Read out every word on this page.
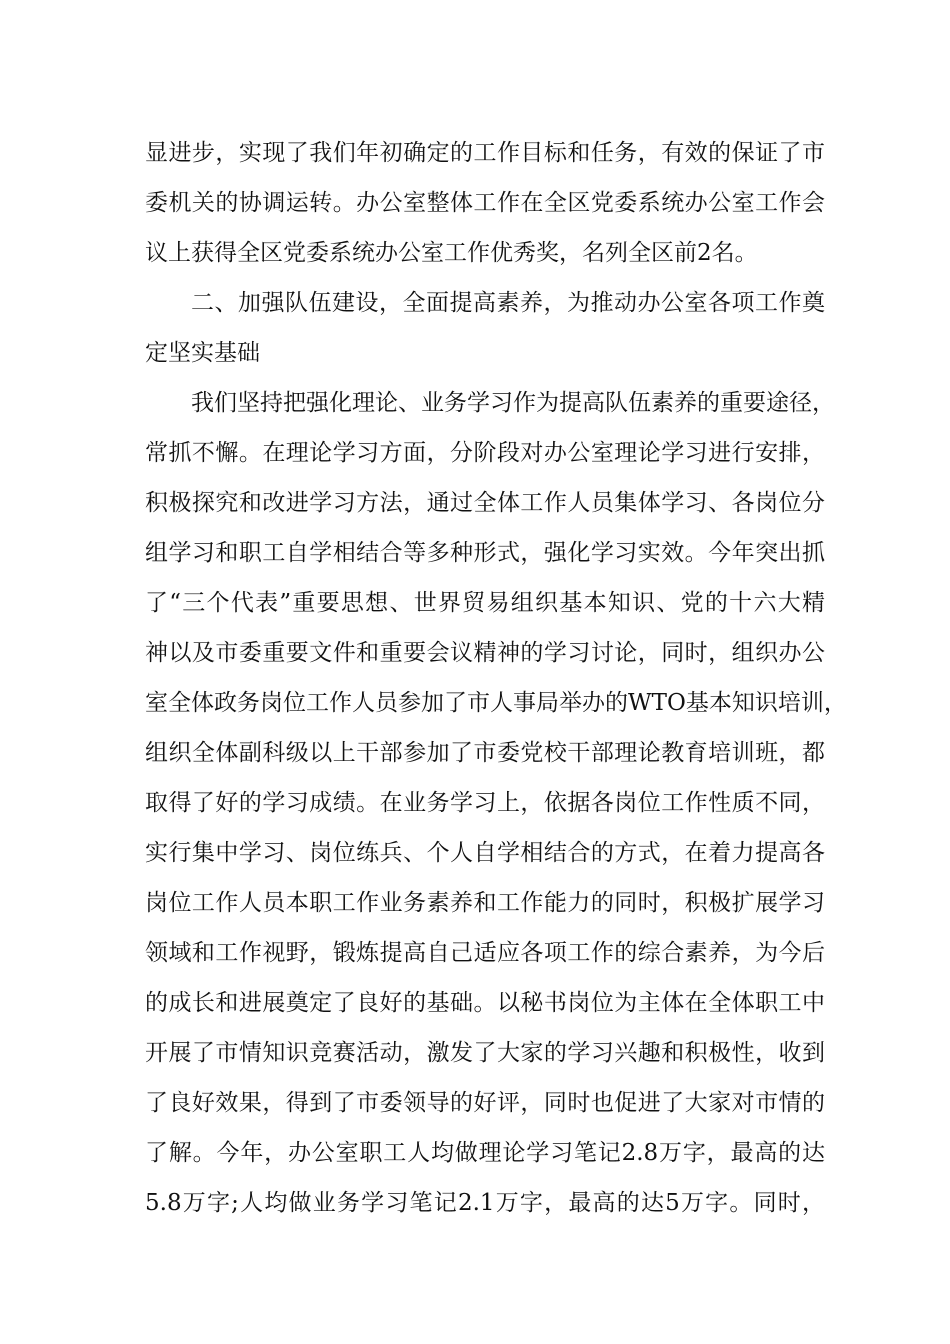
显进步，实现了我们年初确定的工作目标和任务，有效的保证了市
委机关的协调运转。办公室整体工作在全区党委系统办公室工作会
议上获得全区党委系统办公室工作优秀奖，名列全区前2名。
二、加强队伍建设，全面提高素养，为推动办公室各项工作奠
定坚实基础
我们坚持把强化理论、业务学习作为提高队伍素养的重要途径，
常抓不懈。在理论学习方面，分阶段对办公室理论学习进行安排，
积极探究和改进学习方法，通过全体工作人员集体学习、各岗位分
组学习和职工自学相结合等多种形式，强化学习实效。今年突出抓
了“三个代表”重要思想、世界贸易组织基本知识、党的十六大精
神以及市委重要文件和重要会议精神的学习讨论，同时，组织办公
室全体政务岗位工作人员参加了市人事局举办的WTO基本知识培训，
组织全体副科级以上干部参加了市委党校干部理论教育培训班，都
取得了好的学习成绩。在业务学习上，依据各岗位工作性质不同，
实行集中学习、岗位练兵、个人自学相结合的方式，在着力提高各
岗位工作人员本职工作业务素养和工作能力的同时，积极扩展学习
领域和工作视野，锻炼提高自己适应各项工作的综合素养，为今后
的成长和进展奠定了良好的基础。以秘书岗位为主体在全体职工中
开展了市情知识竞赛活动，激发了大家的学习兴趣和积极性，收到
了良好效果，得到了市委领导的好评，同时也促进了大家对市情的
了解。今年，办公室职工人均做理论学习笔记2.8万字，最高的达
5.8万字;人均做业务学习笔记2.1万字，最高的达5万字。同时，
